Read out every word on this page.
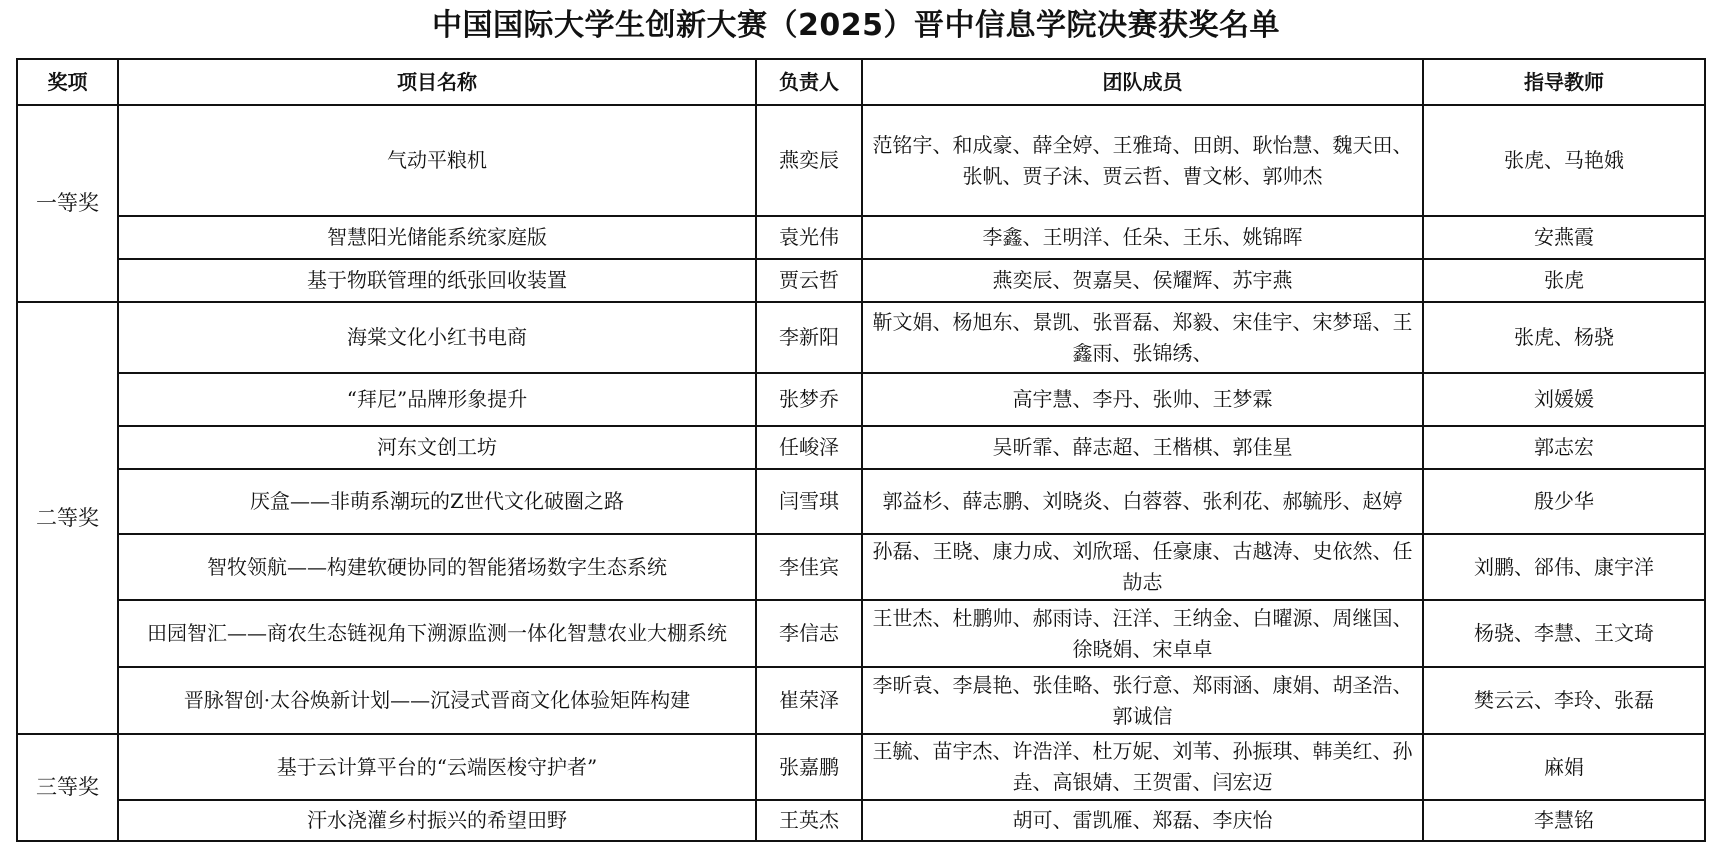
中国国际大学生创新大赛（2025）晋中信息学院决赛获奖名单
奖项	项目名称	负责人	团队成员	指导教师
一等奖	气动平粮机	燕奕辰	范铭宇、和成豪、薛全婷、王雅琦、田朗、耿怡慧、魏天田、张帆、贾子沫、贾云哲、曹文彬、郭帅杰	张虎、马艳娥
	智慧阳光储能系统家庭版	袁光伟	李鑫、王明洋、任朵、王乐、姚锦晖	安燕霞
	基于物联管理的纸张回收装置	贾云哲	燕奕辰、贺嘉昊、侯耀辉、苏宇燕	张虎
二等奖	海棠文化小红书电商	李新阳	靳文娟、杨旭东、景凯、张晋磊、郑毅、宋佳宇、宋梦瑶、王鑫雨、张锦绣、	张虎、杨骁
	“拜尼”品牌形象提升	张梦乔	高宇慧、李丹、张帅、王梦霖	刘媛媛
	河东文创工坊	任峻泽	吴昕霏、薛志超、王楷棋、郭佳星	郭志宏
	厌盒——非萌系潮玩的Z世代文化破圈之路	闫雪琪	郭益杉、薛志鹏、刘晓炎、白蓉蓉、张利花、郝毓彤、赵婷	殷少华
	智牧领航——构建软硬协同的智能猪场数字生态系统	李佳宾	孙磊、王晓、康力成、刘欣瑶、任豪康、古越涛、史依然、任劼志	刘鹏、郤伟、康宇洋
	田园智汇——商农生态链视角下溯源监测一体化智慧农业大棚系统	李信志	王世杰、杜鹏帅、郝雨诗、汪洋、王纳金、白曜源、周继国、徐晓娟、宋卓卓	杨骁、李慧、王文琦
	晋脉智创·太谷焕新计划——沉浸式晋商文化体验矩阵构建	崔荣泽	李昕袁、李晨艳、张佳略、张行意、郑雨涵、康娟、胡圣浩、郭诚信	樊云云、李玲、张磊
三等奖	基于云计算平台的“云端医梭守护者”	张嘉鹏	王毓、苗宇杰、许浩洋、杜万妮、刘苇、孙振琪、韩美红、孙垚、高银婧、王贺雷、闫宏迈	麻娟
	汗水浇灌乡村振兴的希望田野	王英杰	胡可、雷凯雁、郑磊、李庆怡	李慧铭
